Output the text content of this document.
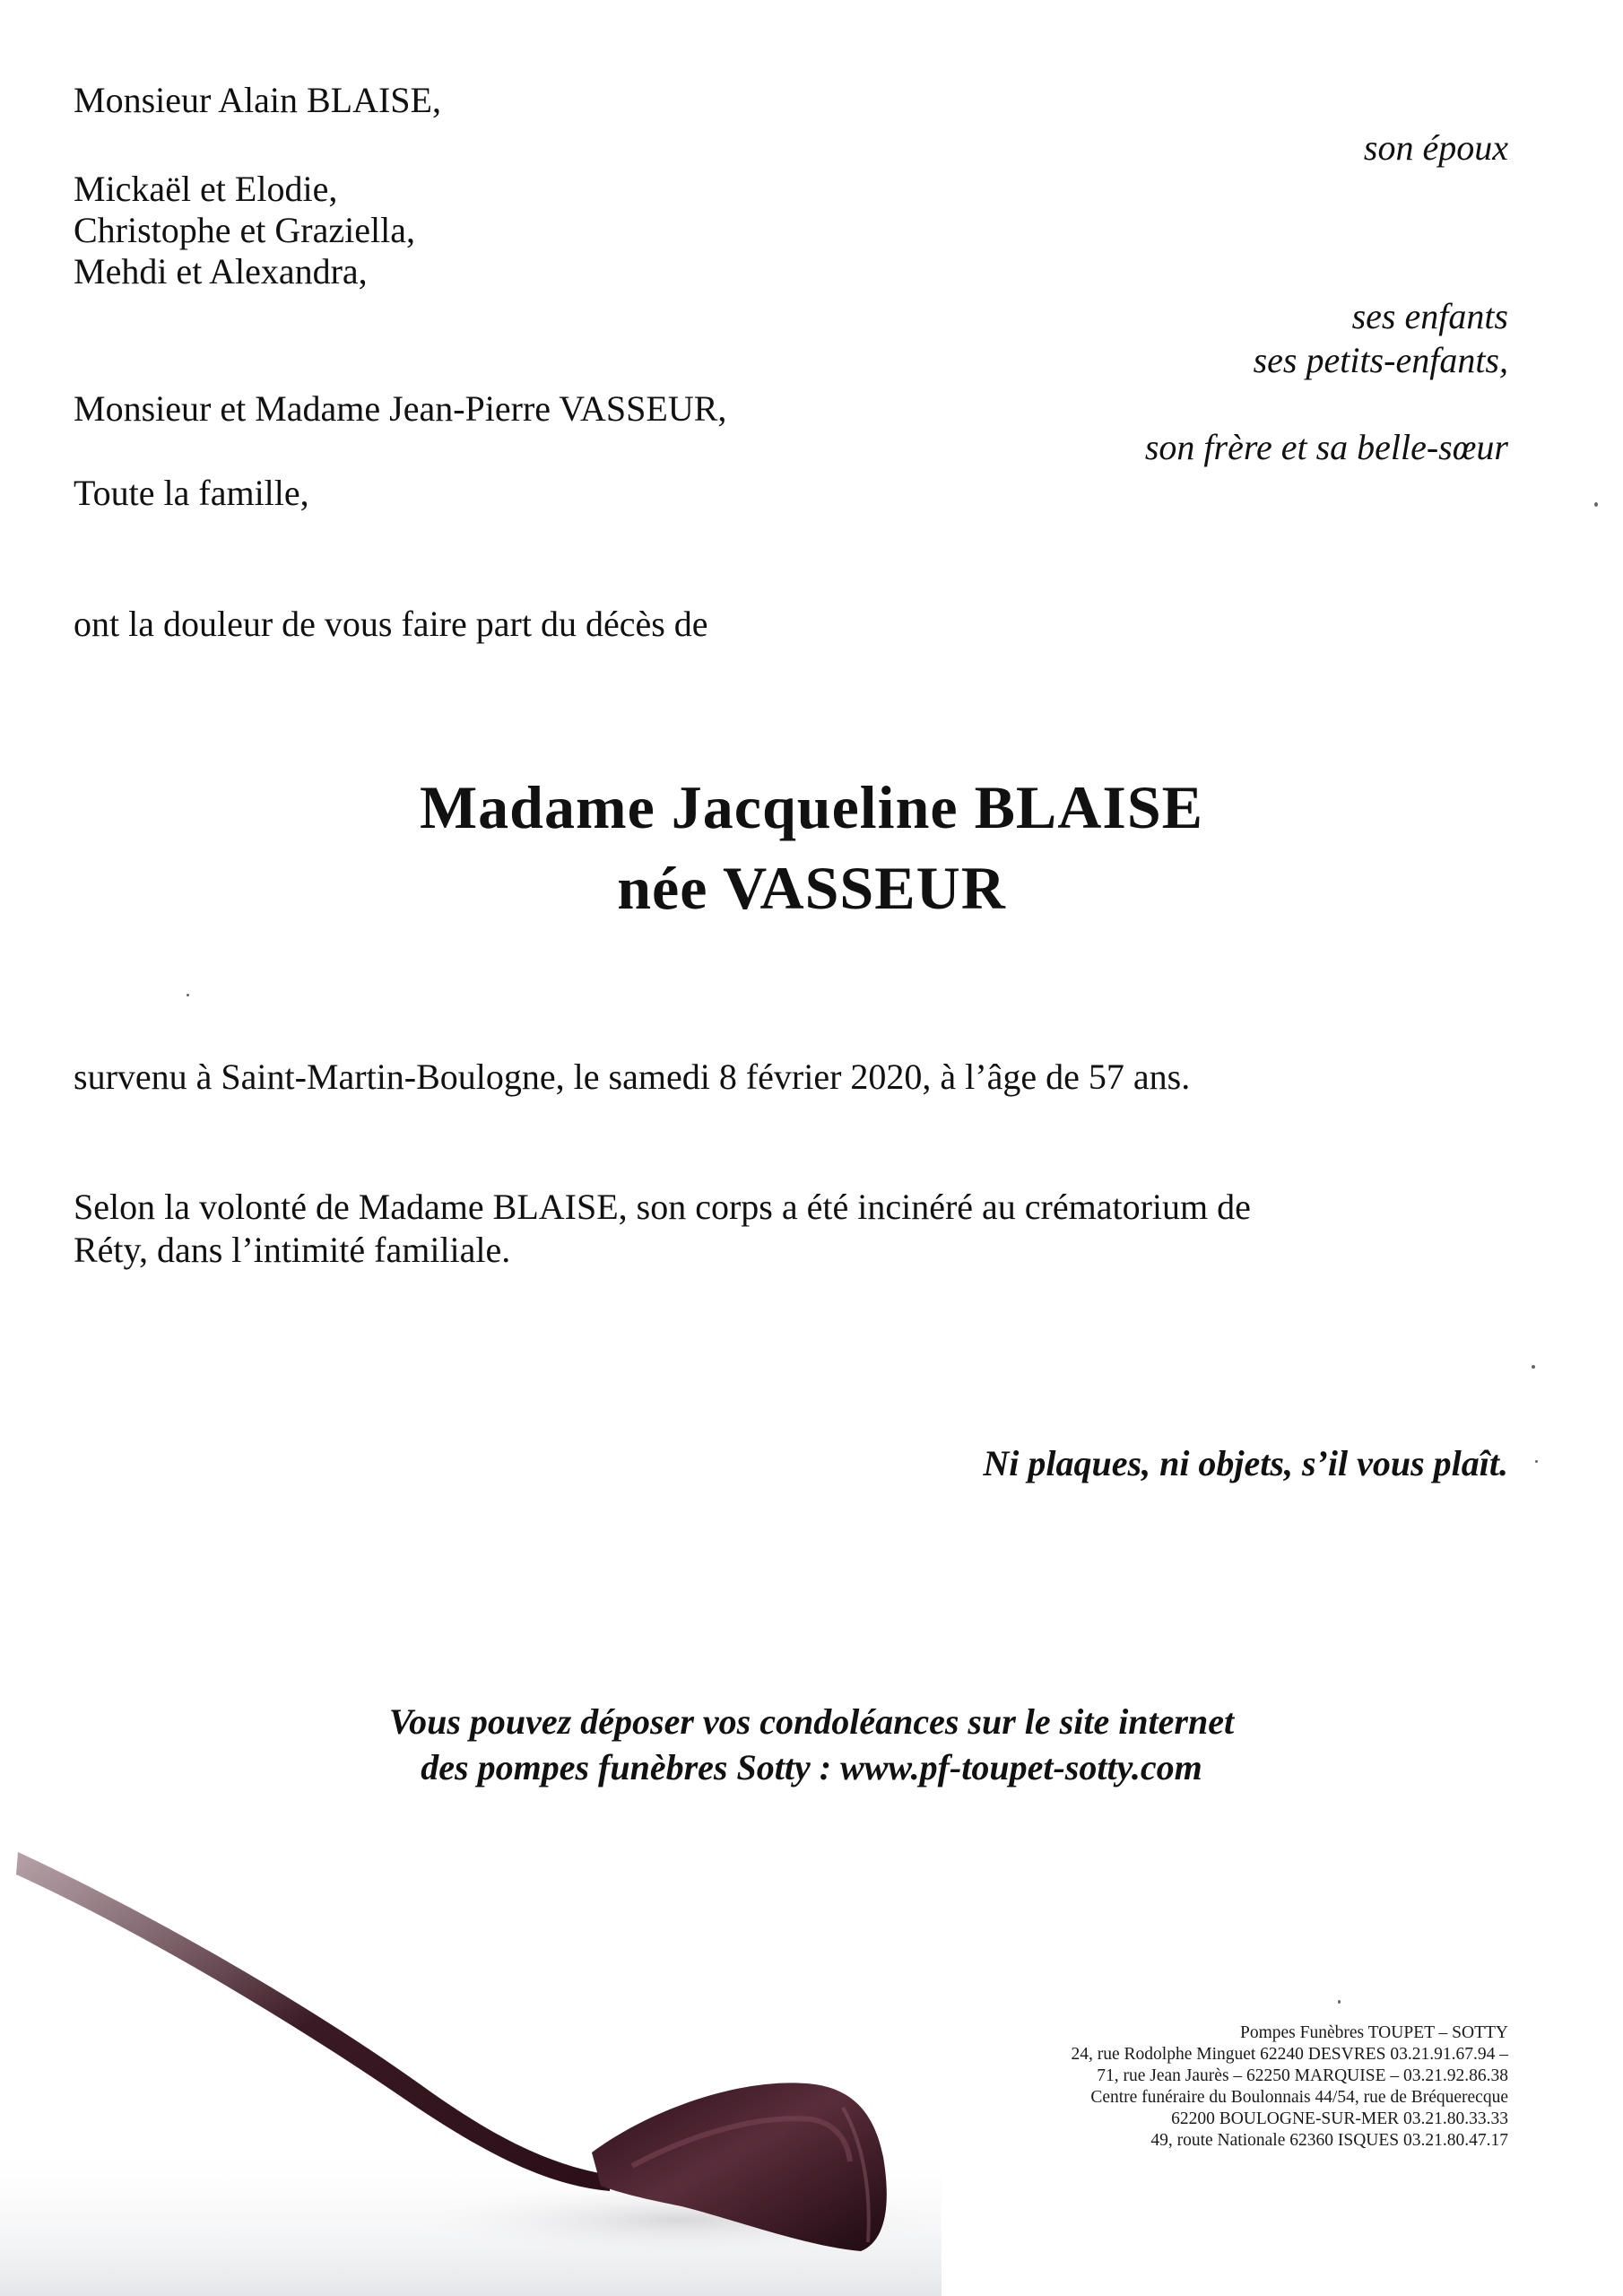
Monsieur Alain BLAISE,
son époux
Mickaël et Elodie,
Christophe et Graziella,
Mehdi et Alexandra,
ses enfants
ses petits-enfants,
Monsieur et Madame Jean-Pierre VASSEUR,
son frère et sa belle-sœur
Toute la famille,
ont la douleur de vous faire part du décès de
Madame Jacqueline BLAISE
née VASSEUR
survenu à Saint-Martin-Boulogne, le samedi 8 février 2020, à l’âge de 57 ans.
Selon la volonté de Madame BLAISE, son corps a été incinéré au crématorium de
Réty, dans l’intimité familiale.
Ni plaques, ni objets, s’il vous plaît.
Vous pouvez déposer vos condoléances sur le site internet
des pompes funèbres Sotty : www.pf-toupet-sotty.com
Pompes Funèbres TOUPET – SOTTY
24, rue Rodolphe Minguet 62240 DESVRES 03.21.91.67.94 –
71, rue Jean Jaurès – 62250 MARQUISE – 03.21.92.86.38
Centre funéraire du Boulonnais 44/54, rue de Bréquerecque
62200 BOULOGNE-SUR-MER 03.21.80.33.33
49, route Nationale 62360 ISQUES 03.21.80.47.17
